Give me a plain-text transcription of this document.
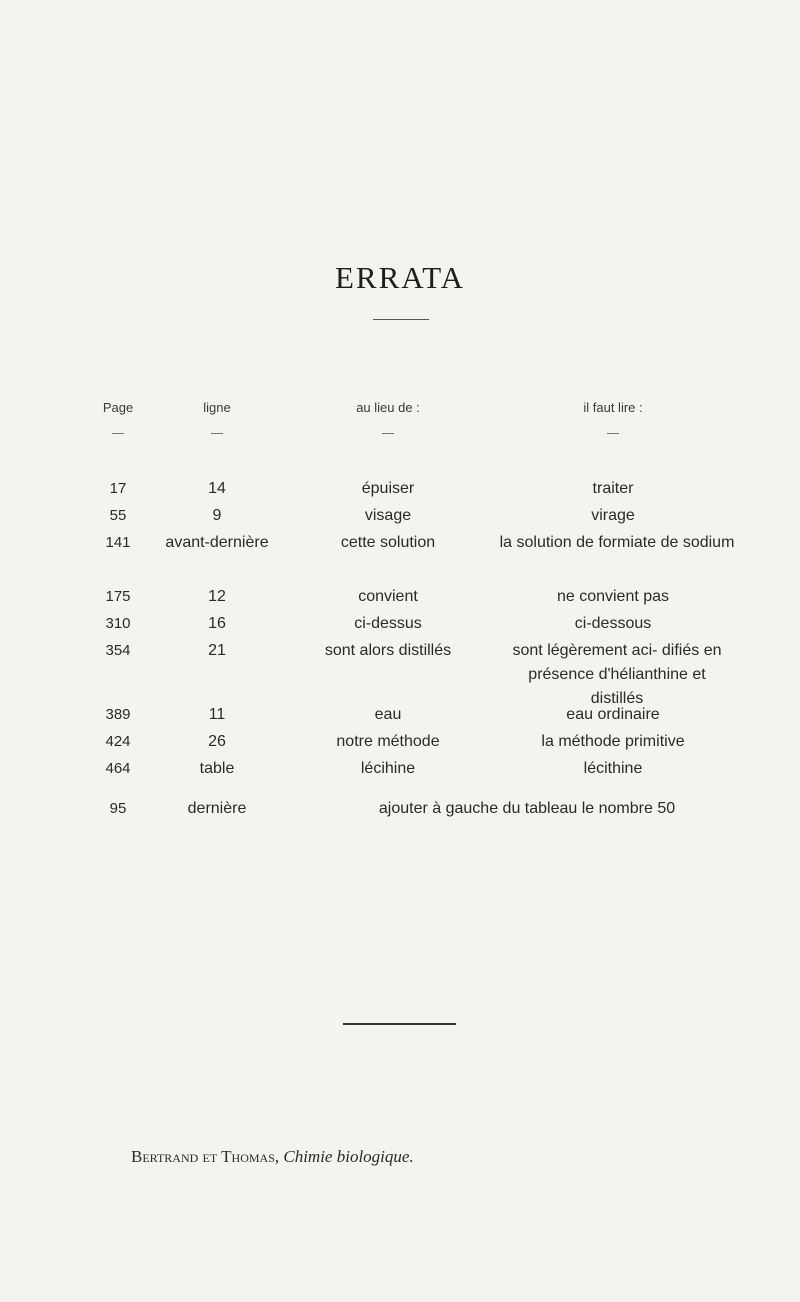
ERRATA
Page	ligne	au lieu de :	il faut lire :
17	14	épuiser	traiter
55	9	visage	virage
141 avant-dernière	cette solution	la solution de formiate de sodium
175	12	convient	ne convient pas
310	16	ci-dessus	ci-dessous
354	21	sont alors distillés	sont légèrement aci- difiés en présence d'hélianthine et distillés
389	11	eau	eau ordinaire
424	26	notre méthode	la méthode primitive
464	table	lécihine	lécithine
95	dernière	ajouter à gauche du tableau le nombre 50
Bertrand et Thomas, Chimie biologique.
